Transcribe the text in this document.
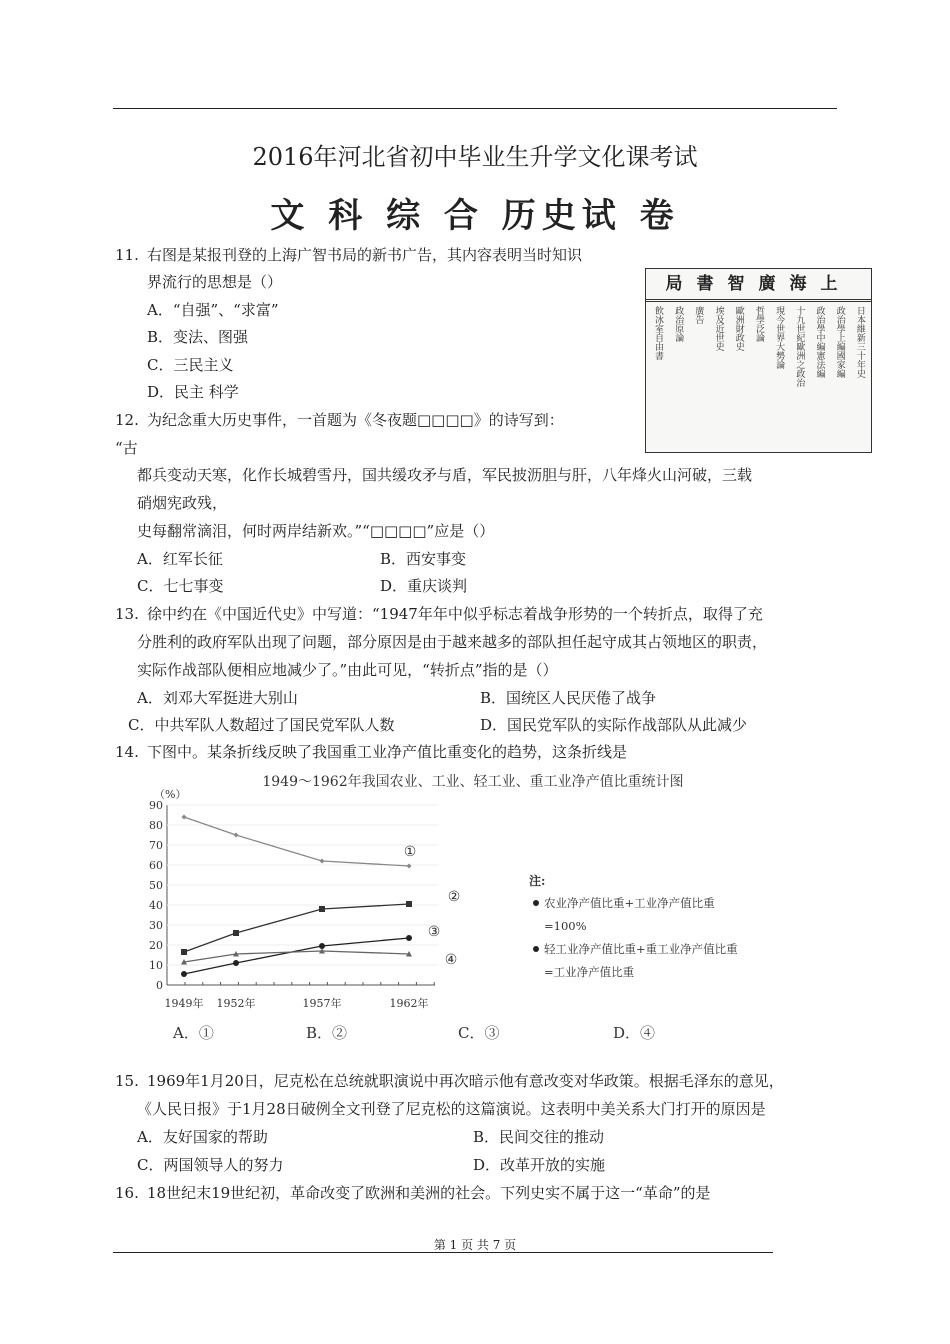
2016年河北省初中毕业生升学文化课考试
文 科 综 合 历史试 卷
11. 右图是某报刊登的上海广智书局的新书广告，其内容表明当时知识
界流行的思想是（）
A．“自强”、“求富”
B．变法、图强
C．三民主义
D．民主 科学
上海廣智書局
日本維新三十年史
政治學上編國家編
政治學中編憲法編
十九世紀歐洲之政治
現今世界大勢論
哲學泛論
歐洲財政史
埃及近世史
廣告
政治原論
飲冰室自由書
12. 为纪念重大历史事件，一首题为《冬夜题□□□□》的诗写到：
“古
都兵变动天寒，化作长城碧雪丹，国共缓攻矛与盾，军民披沥胆与肝，八年烽火山河破，三载
硝烟宪政残，
史每翻常滴泪，何时两岸结新欢。”“□□□□”应是（）
A．红军长征	B．西安事变
C．七七事变	D．重庆谈判
13. 徐中约在《中国近代史》中写道：“1947年年中似乎标志着战争形势的一个转折点，取得了充
分胜利的政府军队出现了问题，部分原因是由于越来越多的部队担任起守成其占领地区的职责，
实际作战部队便相应地减少了。”由此可见，“转折点”指的是（）
A．刘邓大军挺进大别山	B．国统区人民厌倦了战争
C．中共军队人数超过了国民党军队人数	D．国民党军队的实际作战部队从此减少
14. 下图中。某条折线反映了我国重工业净产值比重变化的趋势，这条折线是
1949～1962年我国农业、工业、轻工业、重工业净产值比重统计图
（%）
0
10
20
30
40
50
60
70
80
90
1949年 1952年	1957年	1962年
①
②
③
④
注:
农业净产值比重+工业净产值比重
=100%
轻工业净产值比重+重工业净产值比重
=工业净产值比重
A．①	B．②	C．③	D．④
15. 1969年1月20日，尼克松在总统就职演说中再次暗示他有意改变对华政策。根据毛泽东的意见，
《人民日报》于1月28日破例全文刊登了尼克松的这篇演说。这表明中美关系大门打开的原因是
A．友好国家的帮助	B．民间交往的推动
C．两国领导人的努力	D．改革开放的实施
16. 18世纪末19世纪初，革命改变了欧洲和美洲的社会。下列史实不属于这一“革命”的是
第 1 页 共 7 页
